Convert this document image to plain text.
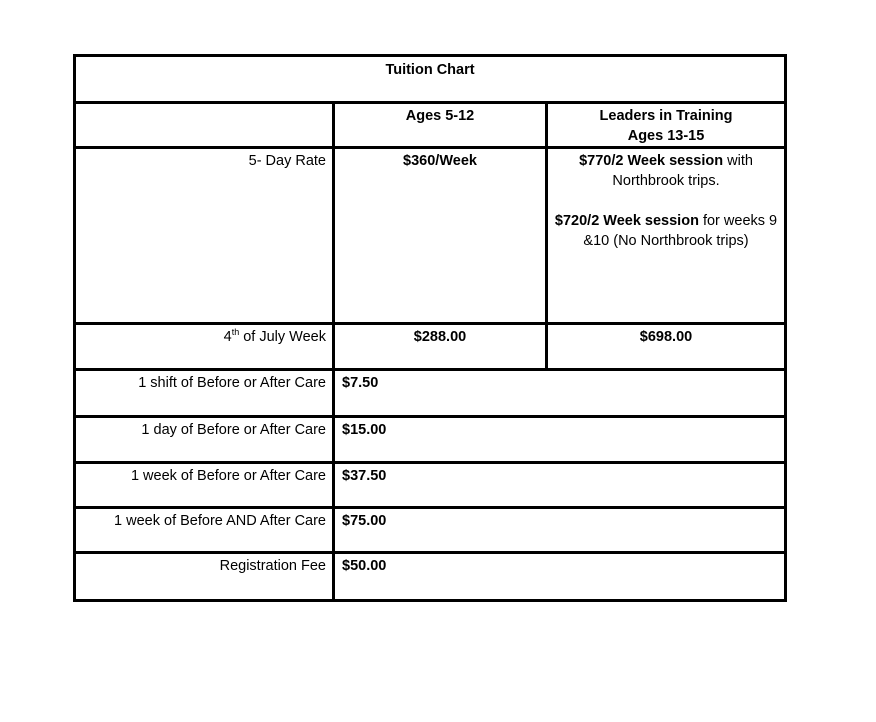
Tuition Chart		
	Ages 5-12	Leaders in Training
Ages 13-15
5- Day Rate	$360/Week	$770/2 Week session with Northbrook trips.
$720/2 Week session for weeks 9 &10 (No Northbrook trips)

4th of July Week	$288.00	$698.00
1 shift of Before or After Care	$7.50	
1 day of Before or After Care	$15.00	
1 week of Before or After Care	$37.50	
1 week of Before AND After Care	$75.00	
Registration Fee	$50.00	
